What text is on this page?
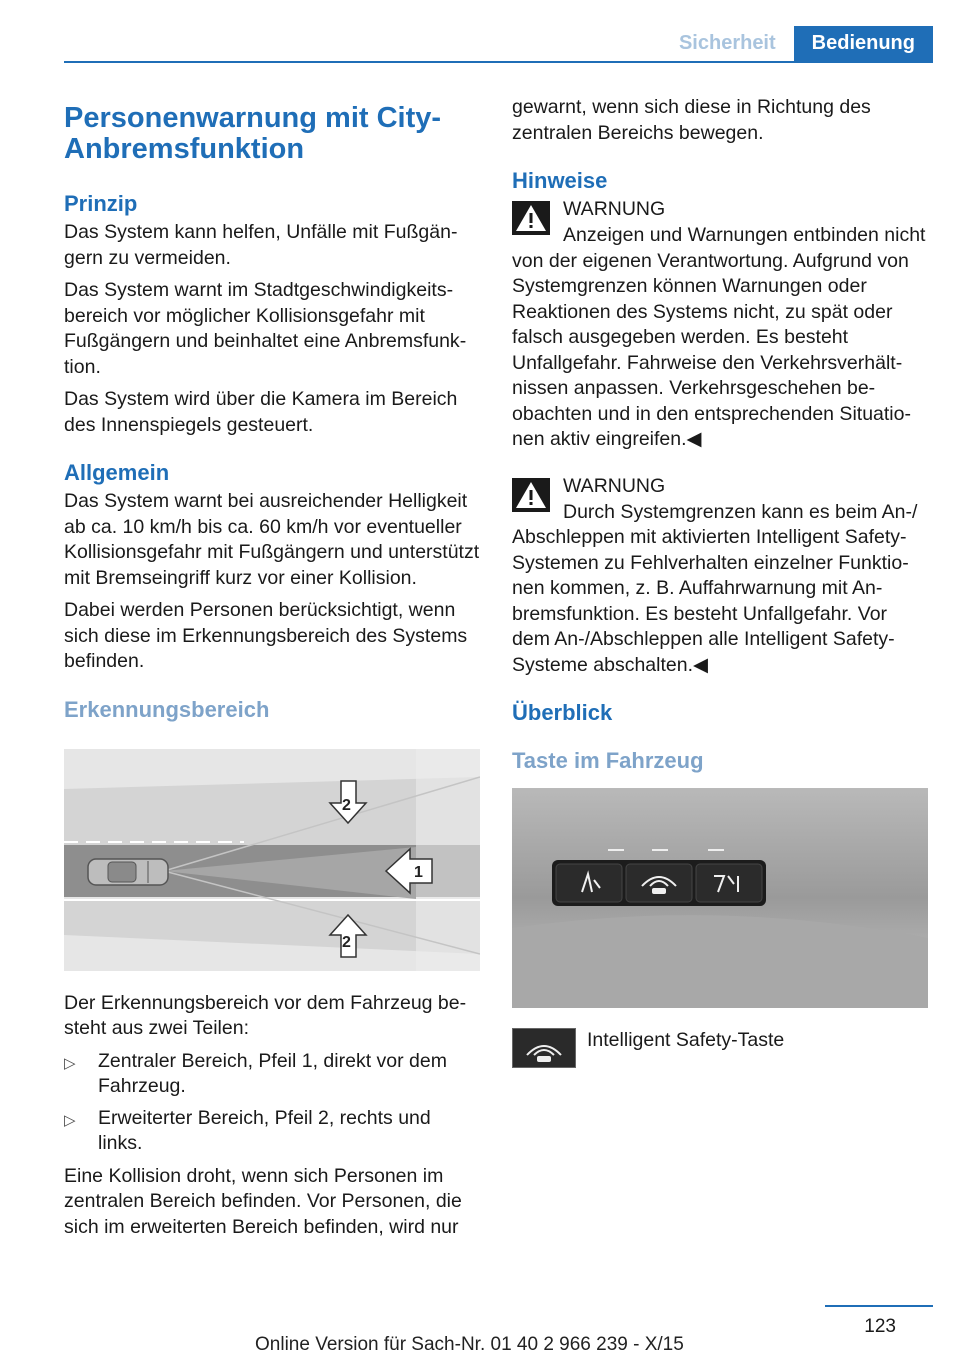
Sicherheit	Bedienung
Personenwarnung mit City-
Anbremsfunktion
Prinzip

Das System kann helfen, Unfälle mit Fußgängern zu vermeiden.

Das System warnt im Stadtgeschwindigkeitsbereich vor möglicher Kollisionsgefahr mit Fußgängern und beinhaltet eine Anbremsfunktion.

Das System wird über die Kamera im Bereich des Innenspiegels gesteuert.

Allgemein

Das System warnt bei ausreichender Helligkeit ab ca. 10 km/h bis ca. 60 km/h vor eventueller Kollisionsgefahr mit Fußgängern und unterstützt mit Bremseingriff kurz vor einer Kollision.

Dabei werden Personen berücksichtigt, wenn sich diese im Erkennungsbereich des Systems befinden.

Erkennungsbereich
1
2
2

Der Erkennungsbereich vor dem Fahrzeug besteht aus zwei Teilen:

▷ Zentraler Bereich, Pfeil 1, direkt vor dem Fahrzeug.
▷ Erweiterter Bereich, Pfeil 2, rechts und links.

Eine Kollision droht, wenn sich Personen im zentralen Bereich befinden. Vor Personen, die sich im erweiterten Bereich befinden, wird nur

gewarnt, wenn sich diese in Richtung des zentralen Bereichs bewegen.

Hinweise
WARNUNG
Anzeigen und Warnungen entbinden nicht von der eigenen Verantwortung. Aufgrund von Systemgrenzen können Warnungen oder Reaktionen des Systems nicht, zu spät oder falsch ausgegeben werden. Es besteht Unfallgefahr. Fahrweise den Verkehrsverhältnissen anpassen. Verkehrsgeschehen beobachten und in den entsprechenden Situationen aktiv eingreifen.◀
WARNUNG
Durch Systemgrenzen kann es beim An-/ Abschleppen mit aktivierten Intelligent Safety-Systemen zu Fehlverhalten einzelner Funktionen kommen, z. B. Auffahrwarnung mit Anbremsfunktion. Es besteht Unfallgefahr. Vor dem An-/Abschleppen alle Intelligent Safety-Systeme abschalten.◀
Überblick
Taste im Fahrzeug
Intelligent Safety-Taste
123
Online Version für Sach-Nr. 01 40 2 966 239 - X/15
